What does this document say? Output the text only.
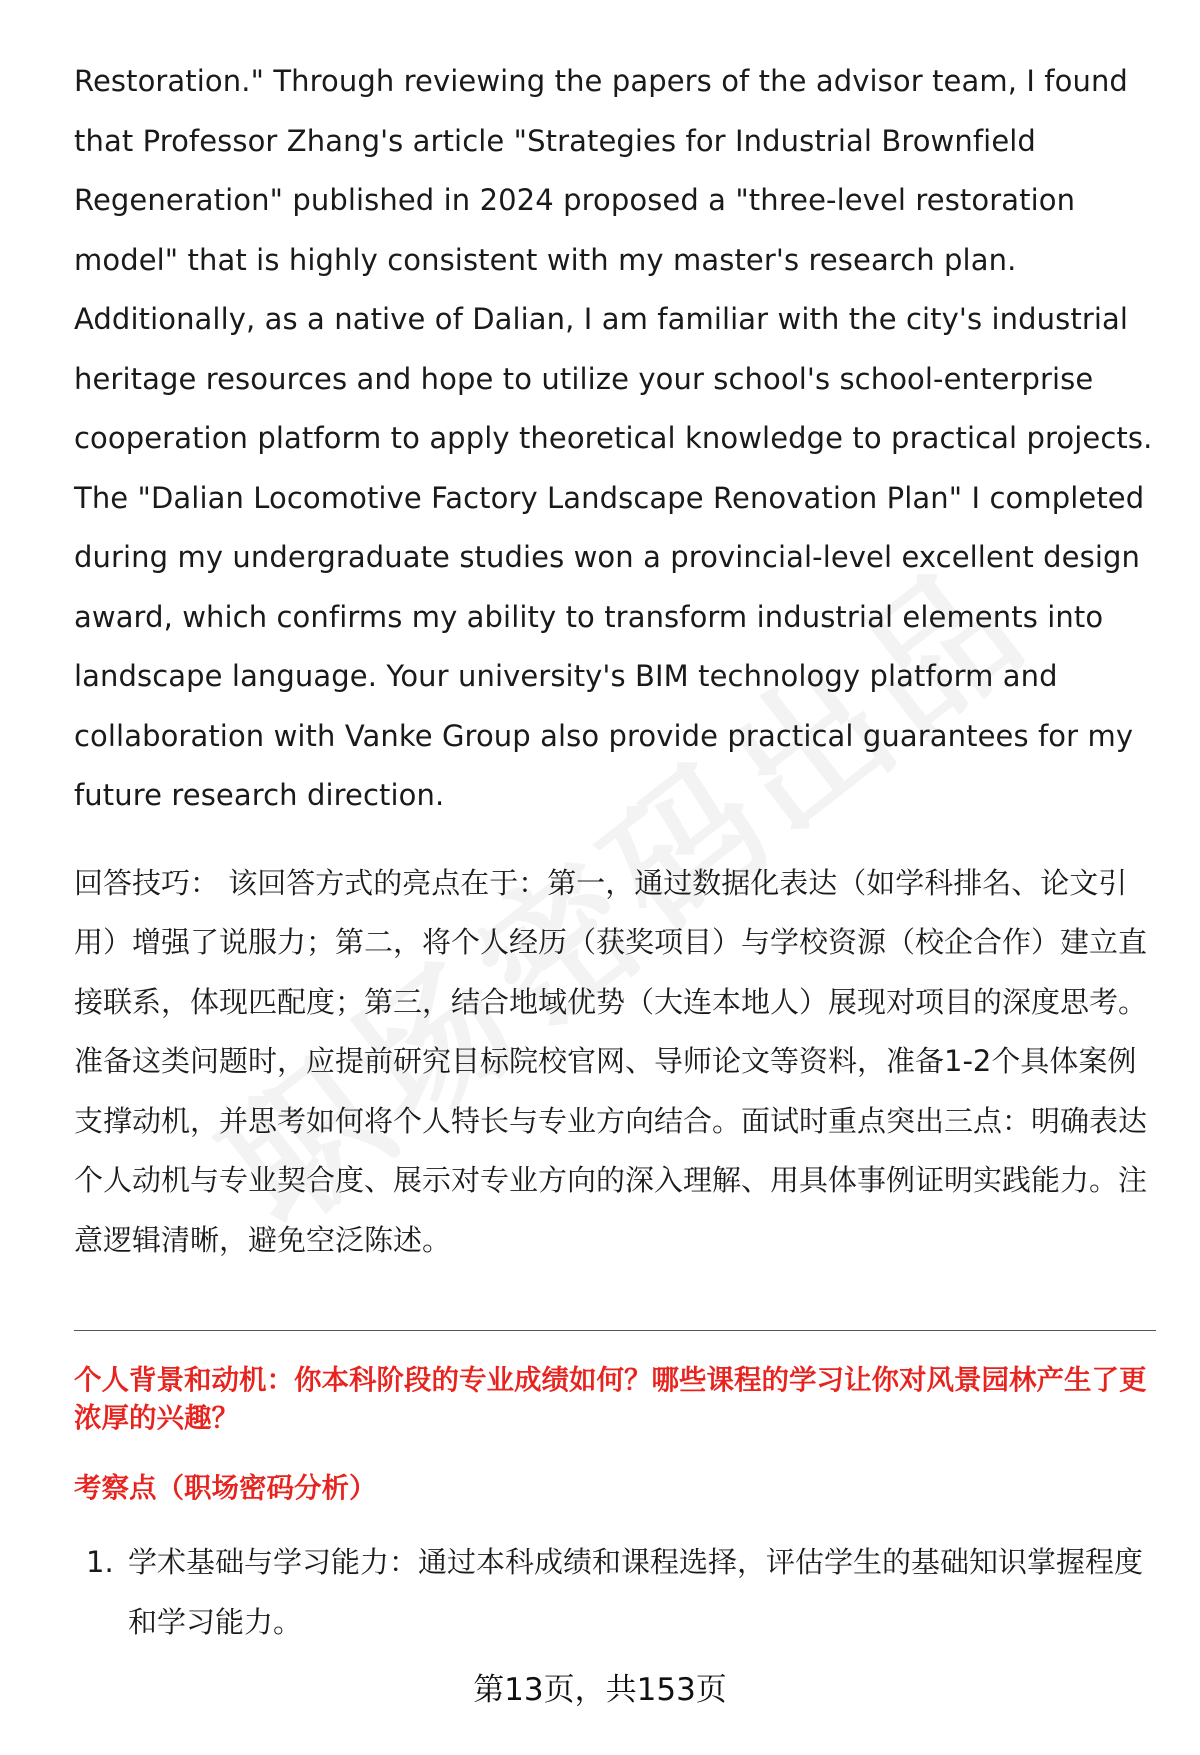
Restoration." Through reviewing the papers of the advisor team, I found that Professor Zhang's article "Strategies for Industrial Brownfield Regeneration" published in 2024 proposed a "three-level restoration model" that is highly consistent with my master's research plan. Additionally, as a native of Dalian, I am familiar with the city's industrial heritage resources and hope to utilize your school's school-enterprise cooperation platform to apply theoretical knowledge to practical projects. The "Dalian Locomotive Factory Landscape Renovation Plan" I completed during my undergraduate studies won a provincial-level excellent design award, which confirms my ability to transform industrial elements into landscape language. Your university's BIM technology platform and collaboration with Vanke Group also provide practical guarantees for my future research direction.

回答技巧： 该回答方式的亮点在于：第一，通过数据化表达（如学科排名、论文引用）增强了说服力；第二，将个人经历（获奖项目）与学校资源（校企合作）建立直接联系，体现匹配度；第三，结合地域优势（大连本地人）展现对项目的深度思考。准备这类问题时，应提前研究目标院校官网、导师论文等资料，准备1-2个具体案例支撑动机，并思考如何将个人特长与专业方向结合。面试时重点突出三点：明确表达个人动机与专业契合度、展示对专业方向的深入理解、用具体事例证明实践能力。注意逻辑清晰，避免空泛陈述。

个人背景和动机：你本科阶段的专业成绩如何？哪些课程的学习让你对风景园林产生了更浓厚的兴趣？
考察点（职场密码分析）
1. 学术基础与学习能力：通过本科成绩和课程选择，评估学生的基础知识掌握程度和学习能力。
第13页，共153页
